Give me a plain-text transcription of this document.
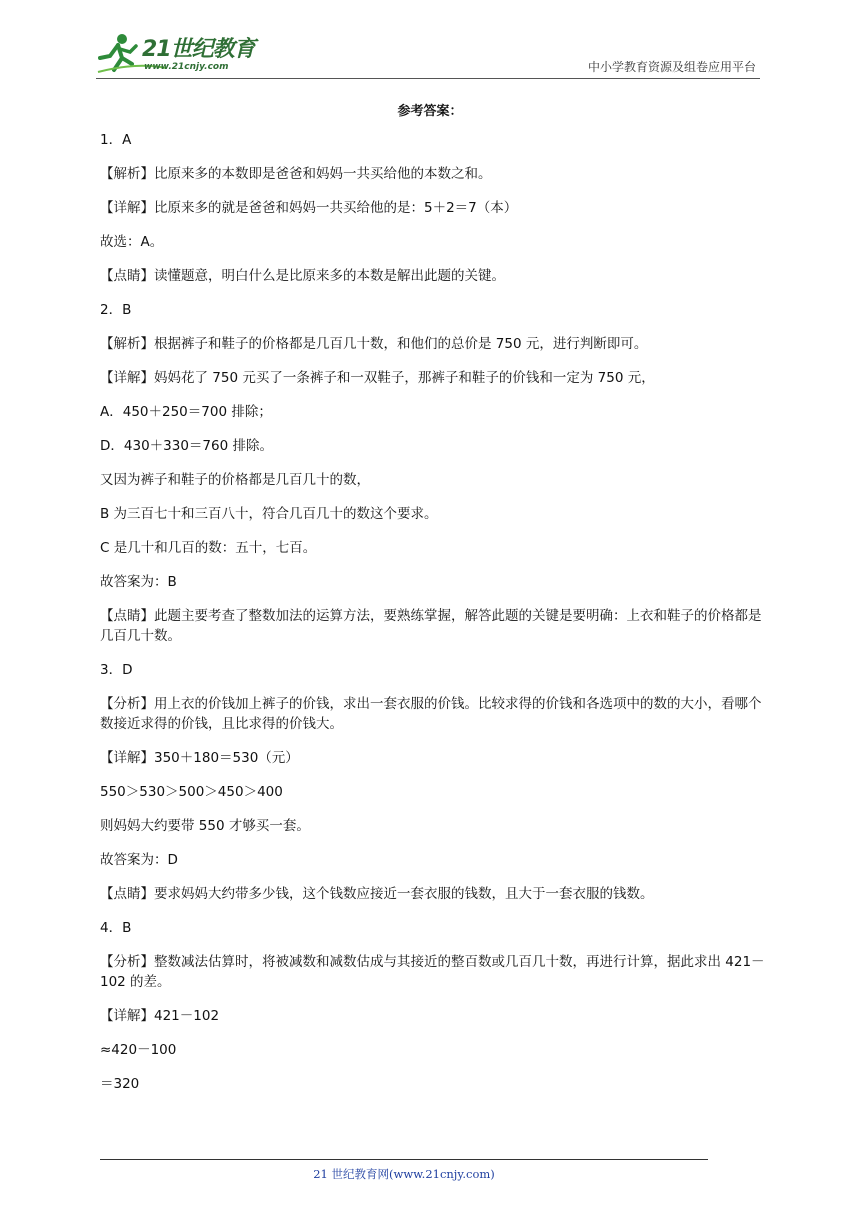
21世纪教育
www.21cnjy.com	中小学教育资源及组卷应用平台
参考答案：

1．A

【解析】比原来多的本数即是爸爸和妈妈一共买给他的本数之和。

【详解】比原来多的就是爸爸和妈妈一共买给他的是：5＋2＝7（本）

故选：A。

【点睛】读懂题意，明白什么是比原来多的本数是解出此题的关键。

2．B

【解析】根据裤子和鞋子的价格都是几百几十数，和他们的总价是 750 元，进行判断即可。

【详解】妈妈花了 750 元买了一条裤子和一双鞋子，那裤子和鞋子的价钱和一定为 750 元，

A．450＋250＝700 排除；

D．430＋330＝760 排除。

又因为裤子和鞋子的价格都是几百几十的数，

B 为三百七十和三百八十，符合几百几十的数这个要求。

C 是几十和几百的数：五十，七百。

故答案为：B

【点睛】此题主要考查了整数加法的运算方法，要熟练掌握，解答此题的关键是要明确：上衣和鞋子的价格都是几百几十数。

3．D

【分析】用上衣的价钱加上裤子的价钱，求出一套衣服的价钱。比较求得的价钱和各选项中的数的大小，看哪个数接近求得的价钱，且比求得的价钱大。

【详解】350＋180＝530（元）

550＞530＞500＞450＞400

则妈妈大约要带 550 才够买一套。

故答案为：D

【点睛】要求妈妈大约带多少钱，这个钱数应接近一套衣服的钱数，且大于一套衣服的钱数。

4．B

【分析】整数减法估算时，将被减数和减数估成与其接近的整百数或几百几十数，再进行计算，据此求出 421－102 的差。

【详解】421－102

≈420－100

＝320

21 世纪教育网(www.21cnjy.com)
